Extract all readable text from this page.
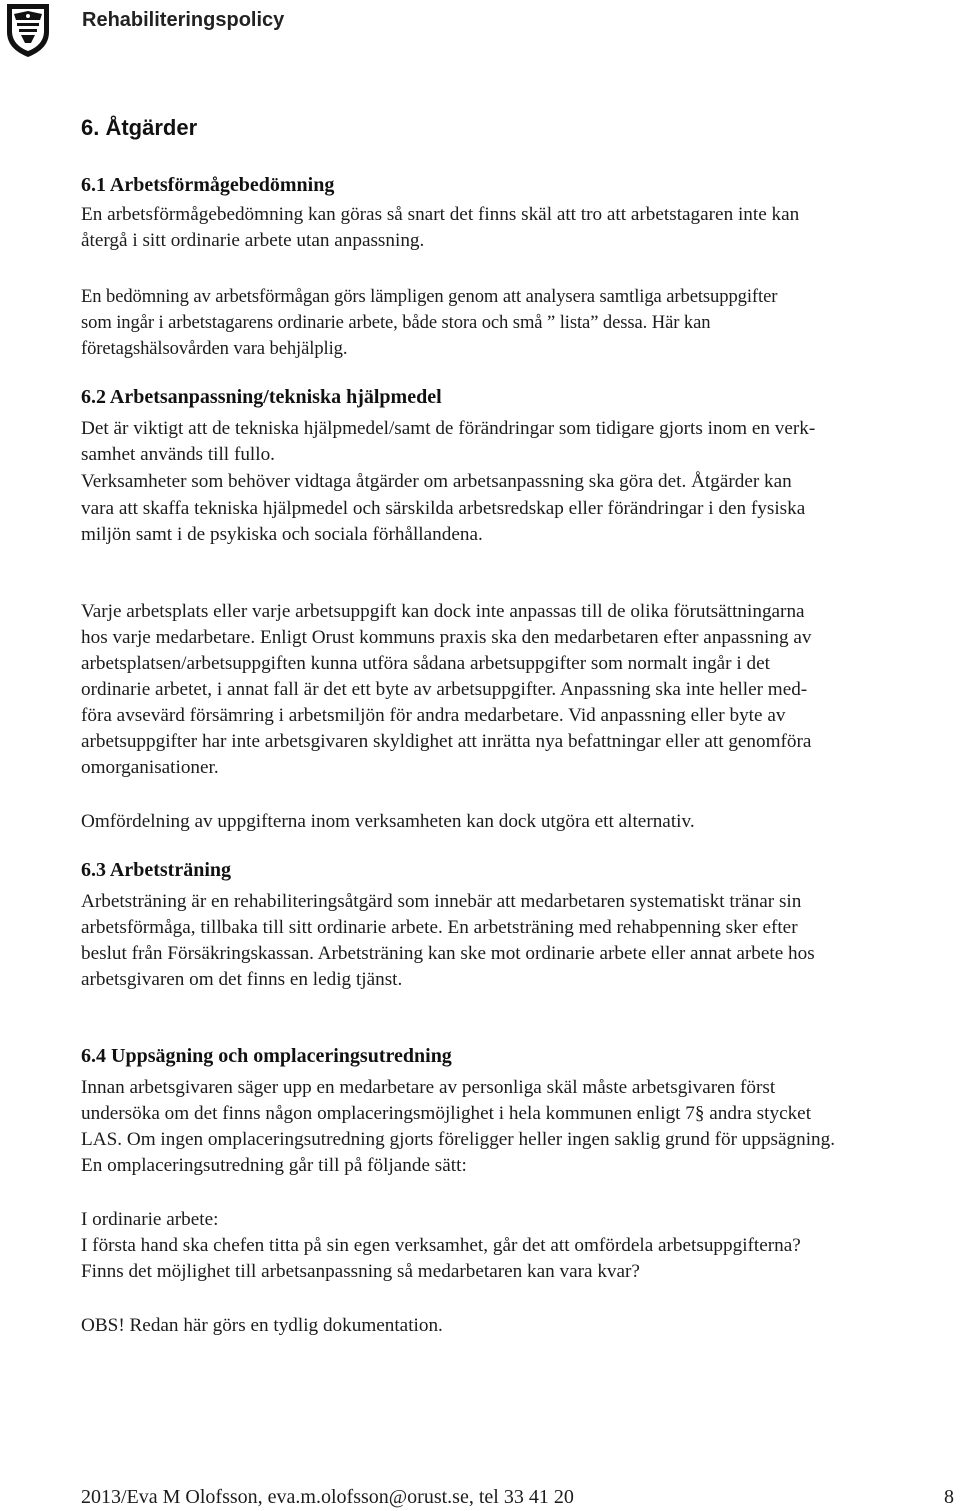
Rehabiliteringspolicy
6. Åtgärder
6.1 Arbetsförmågebedömning
En arbetsförmågebedömning kan göras så snart det finns skäl att tro att arbetstagaren inte kan
återgå i sitt ordinarie arbete utan anpassning.
En bedömning av arbetsförmågan görs lämpligen genom att analysera samtliga arbetsuppgifter
som ingår i arbetstagarens ordinarie arbete, både stora och små ” lista” dessa. Här kan
företagshälsovården vara behjälplig.
6.2 Arbetsanpassning/tekniska hjälpmedel
Det är viktigt att de tekniska hjälpmedel/samt de förändringar som tidigare gjorts inom en verk-
samhet används till fullo.
Verksamheter som behöver vidtaga åtgärder om arbetsanpassning ska göra det. Åtgärder kan
vara att skaffa tekniska hjälpmedel och särskilda arbetsredskap eller förändringar i den fysiska
miljön samt i de psykiska och sociala förhållandena.
Varje arbetsplats eller varje arbetsuppgift kan dock inte anpassas till de olika förutsättningarna
hos varje medarbetare. Enligt Orust kommuns praxis ska den medarbetaren efter anpassning av
arbetsplatsen/arbetsuppgiften kunna utföra sådana arbetsuppgifter som normalt ingår i det
ordinarie arbetet, i annat fall är det ett byte av arbetsuppgifter. Anpassning ska inte heller med-
föra avsevärd försämring i arbetsmiljön för andra medarbetare. Vid anpassning eller byte av
arbetsuppgifter har inte arbetsgivaren skyldighet att inrätta nya befattningar eller att genomföra
omorganisationer.
Omfördelning av uppgifterna inom verksamheten kan dock utgöra ett alternativ.
6.3 Arbetsträning
Arbetsträning är en rehabiliteringsåtgärd som innebär att medarbetaren systematiskt tränar sin
arbetsförmåga, tillbaka till sitt ordinarie arbete. En arbetsträning med rehabpenning sker efter
beslut från Försäkringskassan. Arbetsträning kan ske mot ordinarie arbete eller annat arbete hos
arbetsgivaren om det finns en ledig tjänst.
6.4 Uppsägning och omplaceringsutredning
Innan arbetsgivaren säger upp en medarbetare av personliga skäl måste arbetsgivaren först
undersöka om det finns någon omplaceringsmöjlighet i hela kommunen enligt 7§ andra stycket
LAS. Om ingen omplaceringsutredning gjorts föreligger heller ingen saklig grund för uppsägning.
En omplaceringsutredning går till på följande sätt:
I ordinarie arbete:
I första hand ska chefen titta på sin egen verksamhet, går det att omfördela arbetsuppgifterna?
Finns det möjlighet till arbetsanpassning så medarbetaren kan vara kvar?
OBS! Redan här görs en tydlig dokumentation.
2013/Eva M Olofsson, eva.m.olofsson@orust.se, tel 33 41 20	8
